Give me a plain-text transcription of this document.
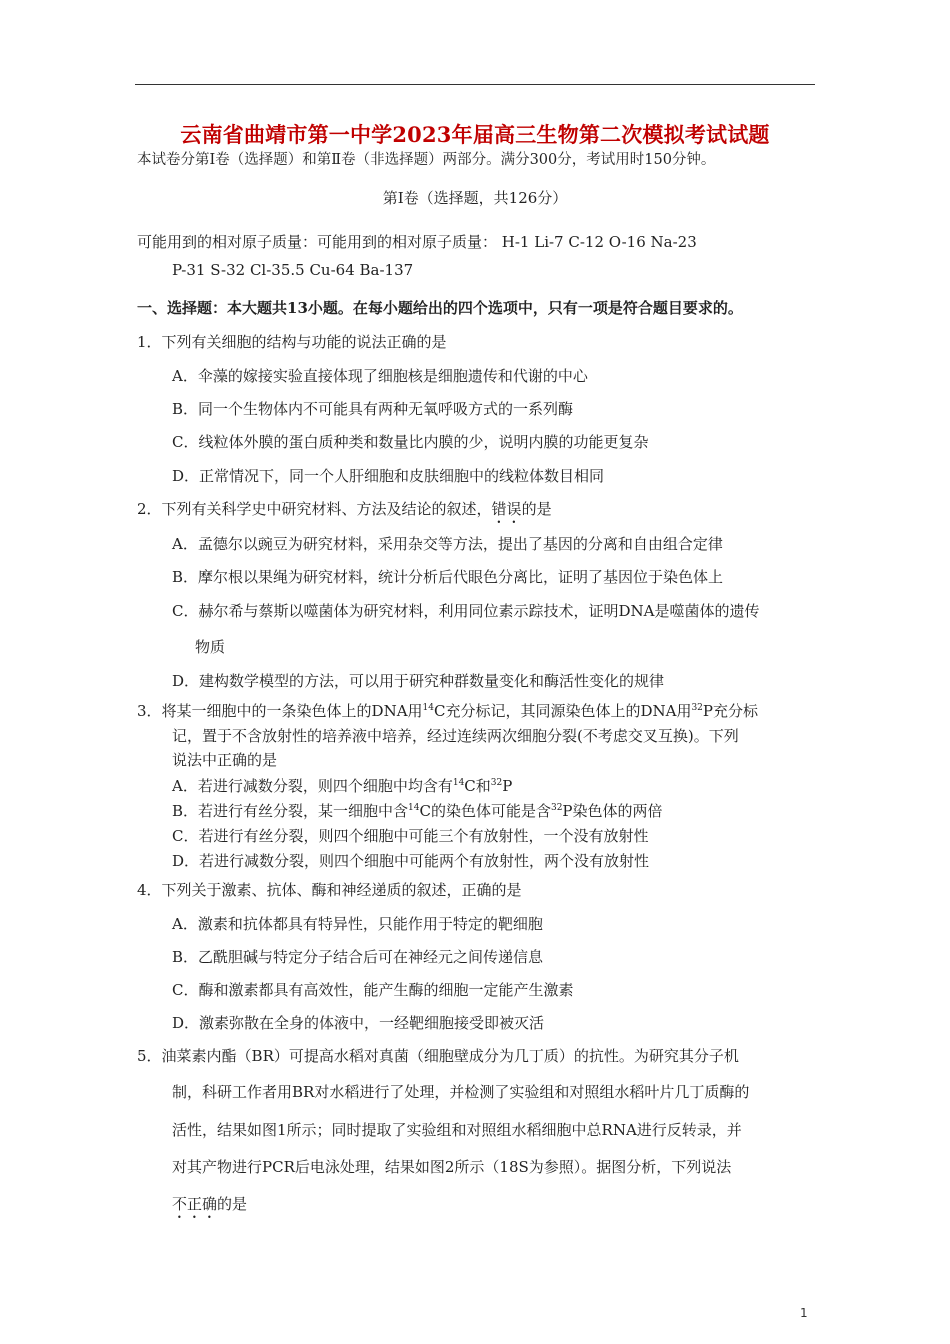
云南省曲靖市第一中学2023年届高三生物第二次模拟考试试题
本试卷分第Ⅰ卷（选择题）和第Ⅱ卷（非选择题）两部分。满分300分，考试用时150分钟。
第Ⅰ卷（选择题，共126分）
可能用到的相对原子质量：可能用到的相对原子质量： H-1 Li-7 C-12 O-16 Na-23
P-31 S-32 Cl-35.5 Cu-64 Ba-137
一、选择题：本大题共13小题。在每小题给出的四个选项中，只有一项是符合题目要求的。
1．下列有关细胞的结构与功能的说法正确的是
A．伞藻的嫁接实验直接体现了细胞核是细胞遗传和代谢的中心
B．同一个生物体内不可能具有两种无氧呼吸方式的一系列酶
C．线粒体外膜的蛋白质种类和数量比内膜的少，说明内膜的功能更复杂
D．正常情况下，同一个人肝细胞和皮肤细胞中的线粒体数目相同
2．下列有关科学史中研究材料、方法及结论的叙述，错误的是
A．孟德尔以豌豆为研究材料，采用杂交等方法，提出了基因的分离和自由组合定律
B．摩尔根以果绳为研究材料，统计分析后代眼色分离比，证明了基因位于染色体上
C．赫尔希与蔡斯以噬菌体为研究材料，利用同位素示踪技术，证明DNA是噬菌体的遗传
物质
D．建构数学模型的方法，可以用于研究种群数量变化和酶活性变化的规律
3．将某一细胞中的一条染色体上的DNA用$^{14}$C充分标记，其同源染色体上的DNA用$^{32}$P充分标
记，置于不含放射性的培养液中培养，经过连续两次细胞分裂(不考虑交叉互换)。下列
说法中正确的是
A．若进行减数分裂，则四个细胞中均含有$^{14}$C和$^{32}$P
B．若进行有丝分裂，某一细胞中含$^{14}$C的染色体可能是含$^{32}$P染色体的两倍
C．若进行有丝分裂，则四个细胞中可能三个有放射性，一个没有放射性
D．若进行减数分裂，则四个细胞中可能两个有放射性，两个没有放射性
4．下列关于激素、抗体、酶和神经递质的叙述，正确的是
A．激素和抗体都具有特异性，只能作用于特定的靶细胞
B．乙酰胆碱与特定分子结合后可在神经元之间传递信息
C．酶和激素都具有高效性，能产生酶的细胞一定能产生激素
D．激素弥散在全身的体液中，一经靶细胞接受即被灭活
5．油菜素内酯（BR）可提高水稻对真菌（细胞壁成分为几丁质）的抗性。为研究其分子机
制，科研工作者用BR对水稻进行了处理，并检测了实验组和对照组水稻叶片几丁质酶的
活性，结果如图1所示；同时提取了实验组和对照组水稻细胞中总RNA进行反转录，并
对其产物进行PCR后电泳处理，结果如图2所示（18S为参照）。据图分析，下列说法
不正确的是
1
